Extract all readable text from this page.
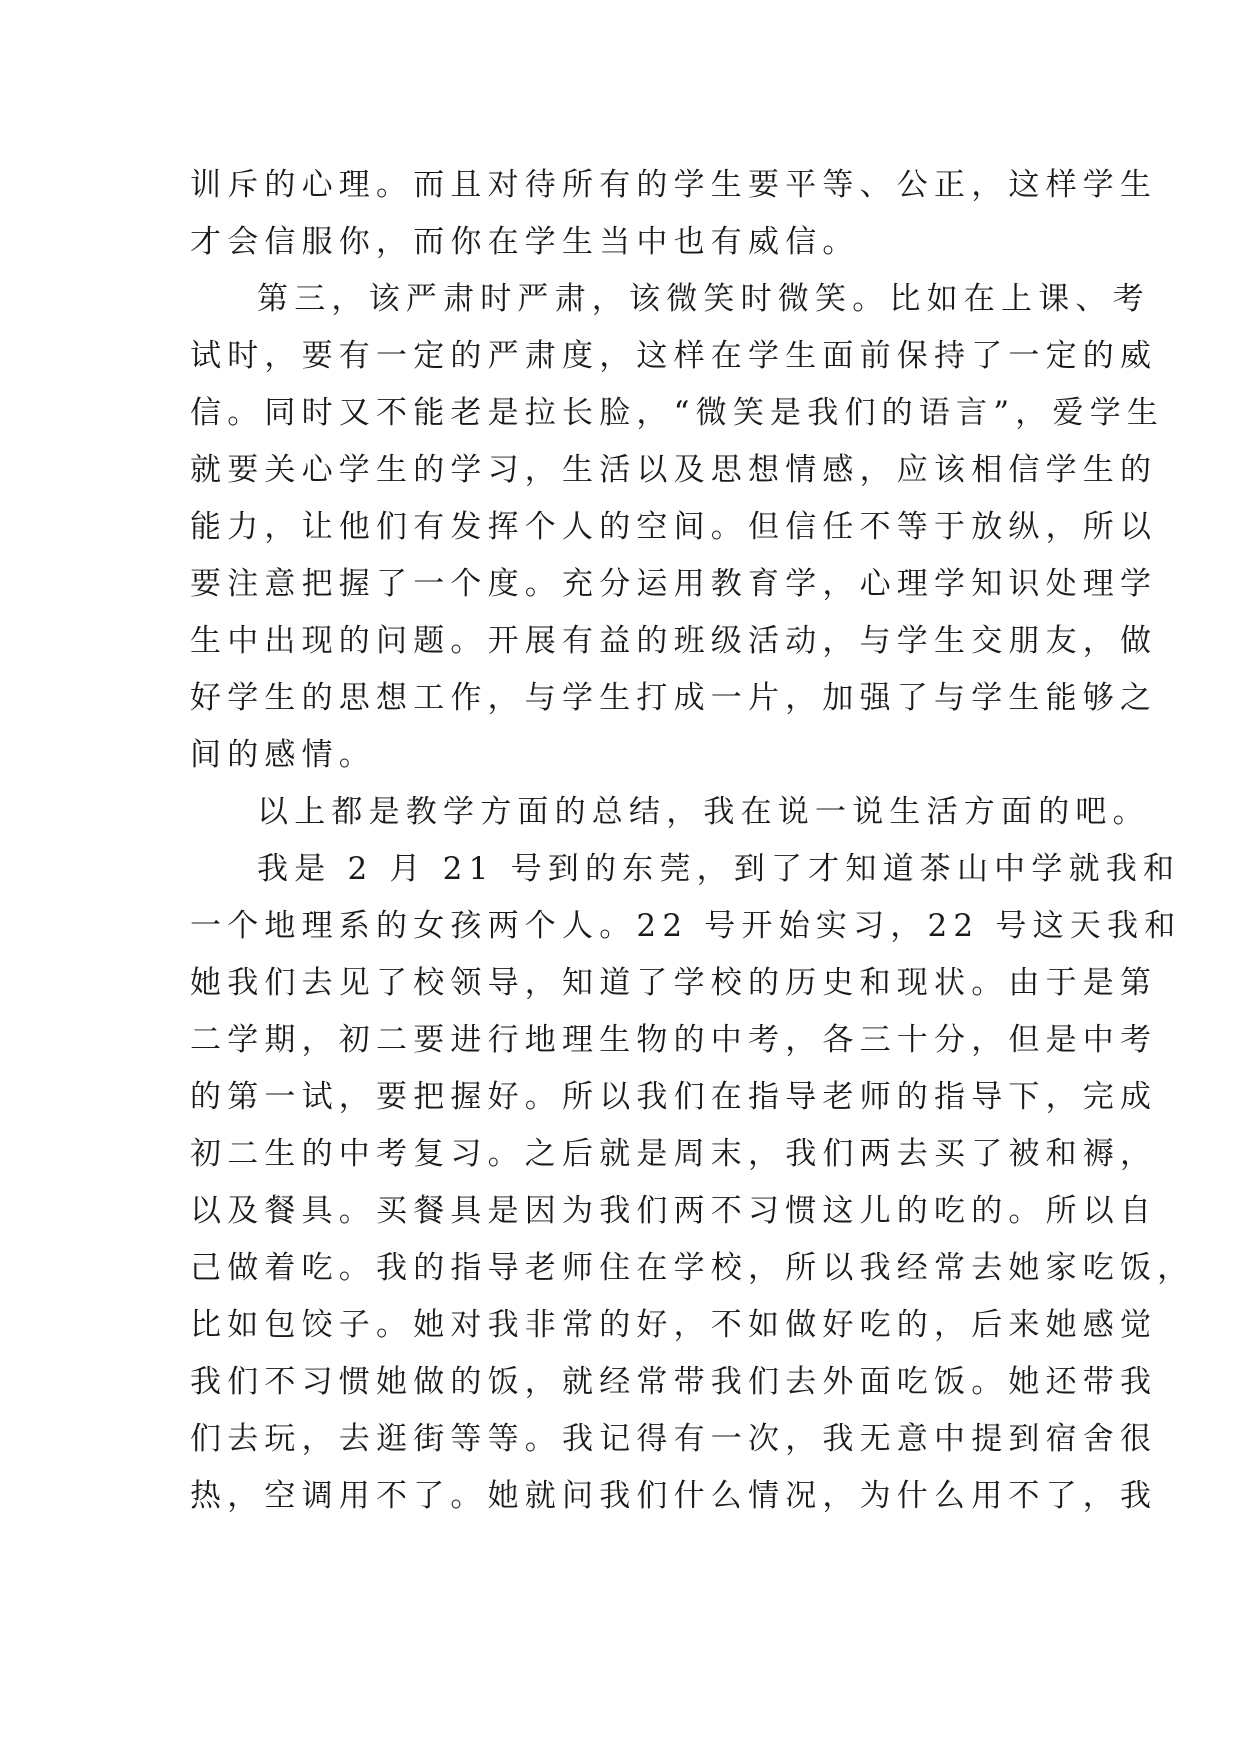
训斥的心理。而且对待所有的学生要平等、公正，这样学生
才会信服你，而你在学生当中也有威信。
第三，该严肃时严肃，该微笑时微笑。比如在上课、考
试时，要有一定的严肃度，这样在学生面前保持了一定的威
信。同时又不能老是拉长脸，“微笑是我们的语言”，爱学生
就要关心学生的学习，生活以及思想情感，应该相信学生的
能力，让他们有发挥个人的空间。但信任不等于放纵，所以
要注意把握了一个度。充分运用教育学，心理学知识处理学
生中出现的问题。开展有益的班级活动，与学生交朋友，做
好学生的思想工作，与学生打成一片，加强了与学生能够之
间的感情。
以上都是教学方面的总结，我在说一说生活方面的吧。
我是 2 月 21 号到的东莞，到了才知道茶山中学就我和
一个地理系的女孩两个人。22 号开始实习，22 号这天我和
她我们去见了校领导，知道了学校的历史和现状。由于是第
二学期，初二要进行地理生物的中考，各三十分，但是中考
的第一试，要把握好。所以我们在指导老师的指导下，完成
初二生的中考复习。之后就是周末，我们两去买了被和褥，
以及餐具。买餐具是因为我们两不习惯这儿的吃的。所以自
己做着吃。我的指导老师住在学校，所以我经常去她家吃饭，
比如包饺子。她对我非常的好，不如做好吃的，后来她感觉
我们不习惯她做的饭，就经常带我们去外面吃饭。她还带我
们去玩，去逛街等等。我记得有一次，我无意中提到宿舍很
热，空调用不了。她就问我们什么情况，为什么用不了，我
